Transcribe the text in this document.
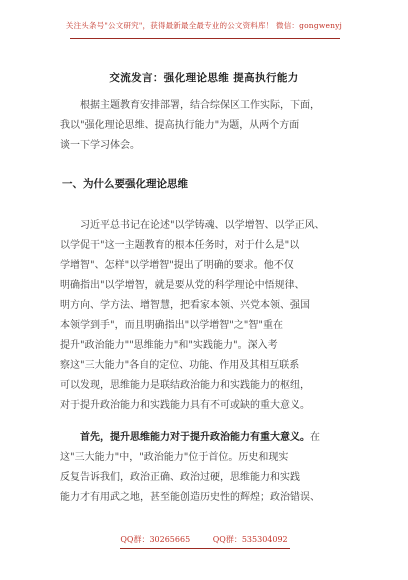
关注头条号"公文研究"，获得最新最全最专业的公文资料库！ 微信：gongwenyj
交流发言：强化理论思维 提高执行能力
根据主题教育安排部署，结合综保区工作实际，下面，
我以"强化理论思维、提高执行能力"为题，从两个方面
谈一下学习体会。
一、为什么要强化理论思维
习近平总书记在论述"以学铸魂、以学增智、以学正风、
以学促干"这一主题教育的根本任务时，对于什么是"以
学增智"、怎样"以学增智"提出了明确的要求。他不仅
明确指出"以学增智，就是要从党的科学理论中悟规律、
明方向、学方法、增智慧，把看家本领、兴党本领、强国
本领学到手"，而且明确指出"以学增智"之"智"重在
提升"政治能力""思维能力"和"实践能力"。深入考
察这"三大能力"各自的定位、功能、作用及其相互联系
可以发现，思维能力是联结政治能力和实践能力的枢纽，
对于提升政治能力和实践能力具有不可或缺的重大意义。
首先，提升思维能力对于提升政治能力有重大意义。在
这"三大能力"中，"政治能力"位于首位。历史和现实
反复告诉我们，政治正确、政治过硬，思维能力和实践
能力才有用武之地，甚至能创造历史性的辉煌；政治错误、
QQ群：30265665	QQ群：535304092
